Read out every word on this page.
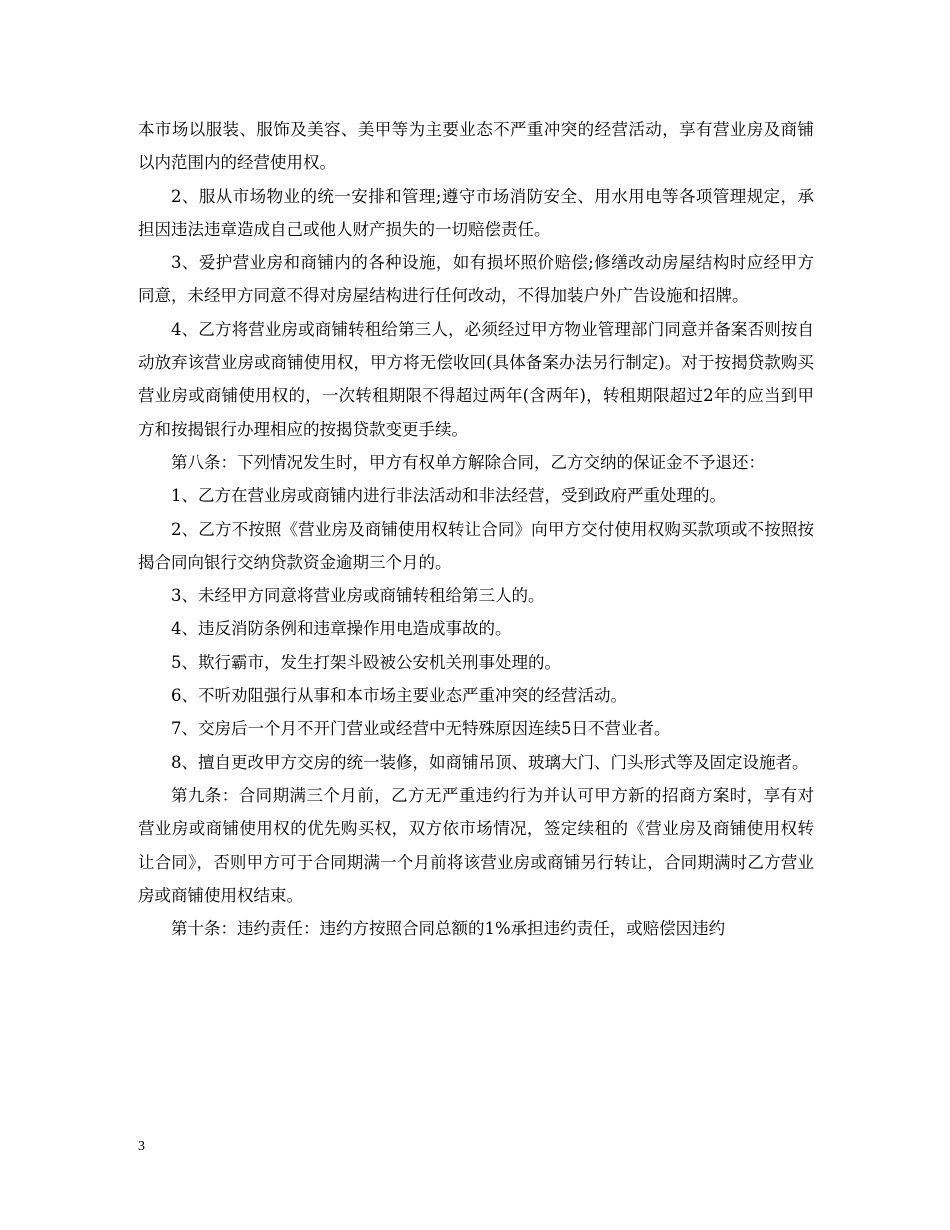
本市场以服装、服饰及美容、美甲等为主要业态不严重冲突的经营活动，享有营业房及商铺以内范围内的经营使用权。

2、服从市场物业的统一安排和管理;遵守市场消防安全、用水用电等各项管理规定，承担因违法违章造成自己或他人财产损失的一切赔偿责任。

3、爱护营业房和商铺内的各种设施，如有损坏照价赔偿;修缮改动房屋结构时应经甲方同意，未经甲方同意不得对房屋结构进行任何改动，不得加装户外广告设施和招牌。

4、乙方将营业房或商铺转租给第三人，必须经过甲方物业管理部门同意并备案否则按自动放弃该营业房或商铺使用权，甲方将无偿收回(具体备案办法另行制定)。对于按揭贷款购买营业房或商铺使用权的，一次转租期限不得超过两年(含两年)，转租期限超过2年的应当到甲方和按揭银行办理相应的按揭贷款变更手续。

第八条：下列情况发生时，甲方有权单方解除合同，乙方交纳的保证金不予退还：

1、乙方在营业房或商铺内进行非法活动和非法经营，受到政府严重处理的。

2、乙方不按照《营业房及商铺使用权转让合同》向甲方交付使用权购买款项或不按照按揭合同向银行交纳贷款资金逾期三个月的。

3、未经甲方同意将营业房或商铺转租给第三人的。

4、违反消防条例和违章操作用电造成事故的。

5、欺行霸市，发生打架斗殴被公安机关刑事处理的。

6、不听劝阻强行从事和本市场主要业态严重冲突的经营活动。

7、交房后一个月不开门营业或经营中无特殊原因连续5日不营业者。

8、擅自更改甲方交房的统一装修，如商铺吊顶、玻璃大门、门头形式等及固定设施者。

第九条：合同期满三个月前，乙方无严重违约行为并认可甲方新的招商方案时，享有对营业房或商铺使用权的优先购买权，双方依市场情况，签定续租的《营业房及商铺使用权转让合同》，否则甲方可于合同期满一个月前将该营业房或商铺另行转让，合同期满时乙方营业房或商铺使用权结束。

第十条：违约责任：违约方按照合同总额的1%承担违约责任，或赔偿因违约

3
